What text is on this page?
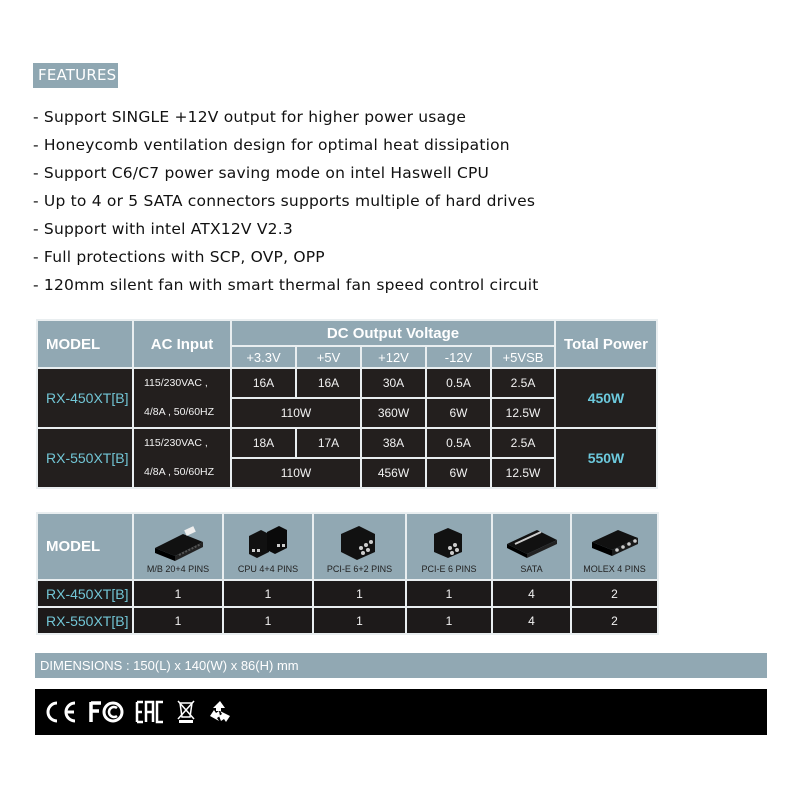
FEATURES
- Support SINGLE +12V output for higher power usage
- Honeycomb ventilation design for optimal heat dissipation
- Support C6/C7 power saving mode on intel Haswell CPU
- Up to 4 or 5 SATA connectors supports multiple of hard drives
- Support with intel ATX12V V2.3
- Full protections with SCP, OVP, OPP
- 120mm silent fan with smart thermal fan speed control circuit
MODEL	AC Input	DC Output Voltage					Total Power
		+3.3V	+5V	+12V	-12V	+5VSB	
RX-450XT[B]	115/230VAC ,
4/8A , 50/60HZ	16A	16A	30A	0.5A	2.5A	450W
		110W		360W	6W	12.5W	
RX-550XT[B]	115/230VAC ,
4/8A , 50/60HZ	18A	17A	38A	0.5A	2.5A	550W
		110W		456W	6W	12.5W	
MODEL	M/B 20+4 PINS	CPU 4+4 PINS	PCI-E 6+2 PINS	PCI-E 6 PINS	SATA	MOLEX 4 PINS

RX-450XT[B]	1	1	1	1	4	2
RX-550XT[B]	1	1	1	1	4	2
DIMENSIONS : 150(L) x 140(W) x 86(H) mm
